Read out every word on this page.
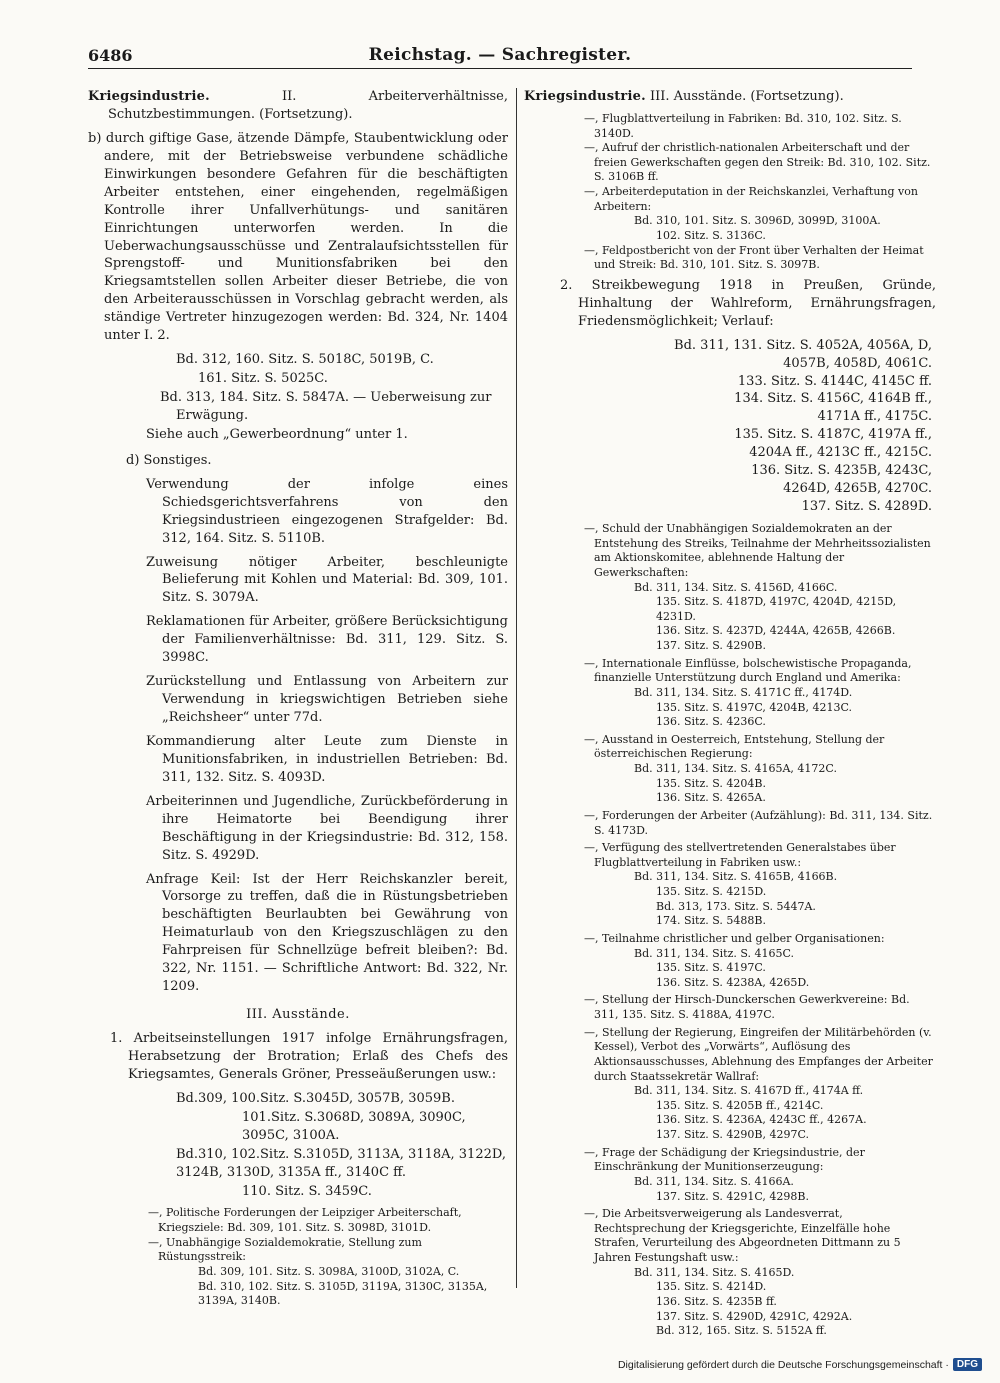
6486	Reichstag. — Sachregister.

Kriegsindustrie. II. Arbeiterverhältnisse, Schutzbestimmungen. (Fortsetzung).

b) durch giftige Gase, ätzende Dämpfe, Staubentwicklung oder andere, mit der Betriebsweise verbundene schädliche Einwirkungen besondere Gefahren für die beschäftigten Arbeiter entstehen, einer eingehenden, regelmäßigen Kontrolle ihrer Unfallverhütungs- und sanitären Einrichtungen unterworfen werden. In die Ueberwachungsausschüsse und Zentralaufsichtsstellen für Sprengstoff- und Munitionsfabriken bei den Kriegsamtstellen sollen Arbeiter dieser Betriebe, die von den Arbeiterausschüssen in Vorschlag gebracht werden, als ständige Vertreter hinzugezogen werden: Bd. 324, Nr. 1404 unter I. 2.

Bd. 312, 160. Sitz. S. 5018C, 5019B, C.

161. Sitz. S. 5025C.

Bd. 313, 184. Sitz. S. 5847A. — Ueberweisung zur Erwägung.

Siehe auch „Gewerbeordnung“ unter 1.

d) Sonstiges.

Verwendung der infolge eines Schiedsgerichtsverfahrens von den Kriegsindustrieen eingezogenen Strafgelder: Bd. 312, 164. Sitz. S. 5110B.

Zuweisung nötiger Arbeiter, beschleunigte Belieferung mit Kohlen und Material: Bd. 309, 101. Sitz. S. 3079A.

Reklamationen für Arbeiter, größere Berücksichtigung der Familienverhältnisse: Bd. 311, 129. Sitz. S. 3998C.

Zurückstellung und Entlassung von Arbeitern zur Verwendung in kriegswichtigen Betrieben siehe „Reichsheer“ unter 77d.

Kommandierung alter Leute zum Dienste in Munitionsfabriken, in industriellen Betrieben: Bd. 311, 132. Sitz. S. 4093D.

Arbeiterinnen und Jugendliche, Zurückbeförderung in ihre Heimatorte bei Beendigung ihrer Beschäftigung in der Kriegsindustrie: Bd. 312, 158. Sitz. S. 4929D.

Anfrage Keil: Ist der Herr Reichskanzler bereit, Vorsorge zu treffen, daß die in Rüstungsbetrieben beschäftigten Beurlaubten bei Gewährung von Heimaturlaub von den Kriegszuschlägen zu den Fahrpreisen für Schnellzüge befreit bleiben?: Bd. 322, Nr. 1151. — Schriftliche Antwort: Bd. 322, Nr. 1209.

III. Ausstände.

1. Arbeitseinstellungen 1917 infolge Ernährungsfragen, Herabsetzung der Brotration; Erlaß des Chefs des Kriegsamtes, Generals Gröner, Presseäußerungen usw.:

Bd.309, 100.Sitz. S.3045D, 3057B, 3059B.

101.Sitz. S.3068D, 3089A, 3090C, 3095C, 3100A.

Bd.310, 102.Sitz. S.3105D, 3113A, 3118A, 3122D, 3124B, 3130D, 3135A ff., 3140C ff.

110. Sitz. S. 3459C.

—, Politische Forderungen der Leipziger Arbeiterschaft, Kriegsziele: Bd. 309, 101. Sitz. S. 3098D, 3101D.

—, Unabhängige Sozialdemokratie, Stellung zum Rüstungsstreik:

Bd. 309, 101. Sitz. S. 3098A, 3100D, 3102A, C.

Bd. 310, 102. Sitz. S. 3105D, 3119A, 3130C, 3135A, 3139A, 3140B.

Kriegsindustrie. III. Ausstände. (Fortsetzung).

—, Flugblattverteilung in Fabriken: Bd. 310, 102. Sitz. S. 3140D.

—, Aufruf der christlich-nationalen Arbeiterschaft und der freien Gewerkschaften gegen den Streik: Bd. 310, 102. Sitz. S. 3106B ff.

—, Arbeiterdeputation in der Reichskanzlei, Verhaftung von Arbeitern:

Bd. 310, 101. Sitz. S. 3096D, 3099D, 3100A.

102. Sitz. S. 3136C.

—, Feldpostbericht von der Front über Verhalten der Heimat und Streik: Bd. 310, 101. Sitz. S. 3097B.

2. Streikbewegung 1918 in Preußen, Gründe, Hinhaltung der Wahlreform, Ernährungsfragen, Friedensmöglichkeit; Verlauf:

Bd. 311, 131. Sitz. S. 4052A, 4056A, D, 4057B, 4058D, 4061C.

133. Sitz. S. 4144C, 4145C ff.

134. Sitz. S. 4156C, 4164B ff., 4171A ff., 4175C.

135. Sitz. S. 4187C, 4197A ff., 4204A ff., 4213C ff., 4215C.

136. Sitz. S. 4235B, 4243C, 4264D, 4265B, 4270C.

137. Sitz. S. 4289D.

—, Schuld der Unabhängigen Sozialdemokraten an der Entstehung des Streiks, Teilnahme der Mehrheitssozialisten am Aktionskomitee, ablehnende Haltung der Gewerkschaften:

Bd. 311, 134. Sitz. S. 4156D, 4166C.

135. Sitz. S. 4187D, 4197C, 4204D, 4215D, 4231D.

136. Sitz. S. 4237D, 4244A, 4265B, 4266B.

137. Sitz. S. 4290B.

—, Internationale Einflüsse, bolschewistische Propaganda, finanzielle Unterstützung durch England und Amerika:

Bd. 311, 134. Sitz. S. 4171C ff., 4174D.

135. Sitz. S. 4197C, 4204B, 4213C.

136. Sitz. S. 4236C.

—, Ausstand in Oesterreich, Entstehung, Stellung der österreichischen Regierung:

Bd. 311, 134. Sitz. S. 4165A, 4172C.

135. Sitz. S. 4204B.

136. Sitz. S. 4265A.

—, Forderungen der Arbeiter (Aufzählung): Bd. 311, 134. Sitz. S. 4173D.

—, Verfügung des stellvertretenden Generalstabes über Flugblattverteilung in Fabriken usw.:

Bd. 311, 134. Sitz. S. 4165B, 4166B.

135. Sitz. S. 4215D.

Bd. 313, 173. Sitz. S. 5447A.

174. Sitz. S. 5488B.

—, Teilnahme christlicher und gelber Organisationen:

Bd. 311, 134. Sitz. S. 4165C.

135. Sitz. S. 4197C.

136. Sitz. S. 4238A, 4265D.

—, Stellung der Hirsch-Dunckerschen Gewerkvereine: Bd. 311, 135. Sitz. S. 4188A, 4197C.

—, Stellung der Regierung, Eingreifen der Militärbehörden (v. Kessel), Verbot des „Vorwärts“, Auflösung des Aktionsausschusses, Ablehnung des Empfanges der Arbeiter durch Staatssekretär Wallraf:

Bd. 311, 134. Sitz. S. 4167D ff., 4174A ff.

135. Sitz. S. 4205B ff., 4214C.

136. Sitz. S. 4236A, 4243C ff., 4267A.

137. Sitz. S. 4290B, 4297C.

—, Frage der Schädigung der Kriegsindustrie, der Einschränkung der Munitionserzeugung:

Bd. 311, 134. Sitz. S. 4166A.

137. Sitz. S. 4291C, 4298B.

—, Die Arbeitsverweigerung als Landesverrat, Rechtsprechung der Kriegsgerichte, Einzelfälle hohe Strafen, Verurteilung des Abgeordneten Dittmann zu 5 Jahren Festungshaft usw.:

Bd. 311, 134. Sitz. S. 4165D.

135. Sitz. S. 4214D.

136. Sitz. S. 4235B ff.

137. Sitz. S. 4290D, 4291C, 4292A.

Bd. 312, 165. Sitz. S. 5152A ff.

Digitalisierung gefördert durch die Deutsche Forschungsgemeinschaft · DFG
